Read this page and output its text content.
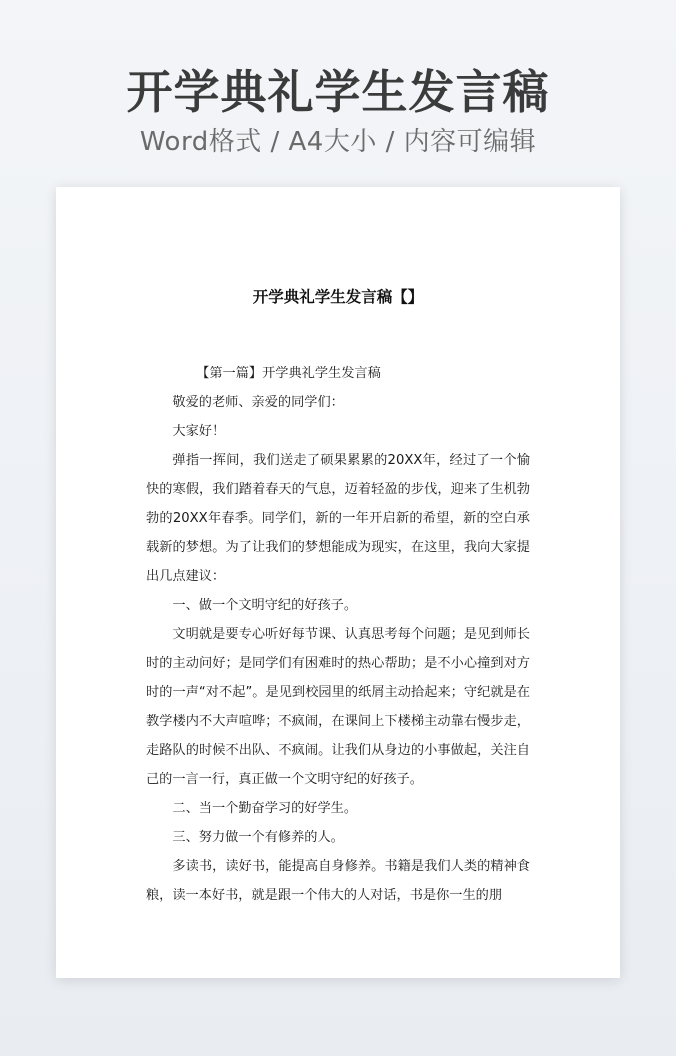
开学典礼学生发言稿
Word格式 / A4大小 / 内容可编辑
开学典礼学生发言稿【】

【第一篇】开学典礼学生发言稿

敬爱的老师、亲爱的同学们：

大家好！

弹指一挥间，我们送走了硕果累累的20XX年，经过了一个愉快的寒假，我们踏着春天的气息，迈着轻盈的步伐，迎来了生机勃勃的20XX年春季。同学们，新的一年开启新的希望，新的空白承载新的梦想。为了让我们的梦想能成为现实，在这里，我向大家提出几点建议：

一、做一个文明守纪的好孩子。

文明就是要专心听好每节课、认真思考每个问题；是见到师长时的主动问好；是同学们有困难时的热心帮助；是不小心撞到对方时的一声“对不起”。是见到校园里的纸屑主动拾起来；守纪就是在教学楼内不大声喧哗；不疯闹，在课间上下楼梯主动靠右慢步走，走路队的时候不出队、不疯闹。让我们从身边的小事做起，关注自己的一言一行，真正做一个文明守纪的好孩子。

二、当一个勤奋学习的好学生。

三、努力做一个有修养的人。

多读书，读好书，能提高自身修养。书籍是我们人类的精神食粮，读一本好书，就是跟一个伟大的人对话，书是你一生的朋
